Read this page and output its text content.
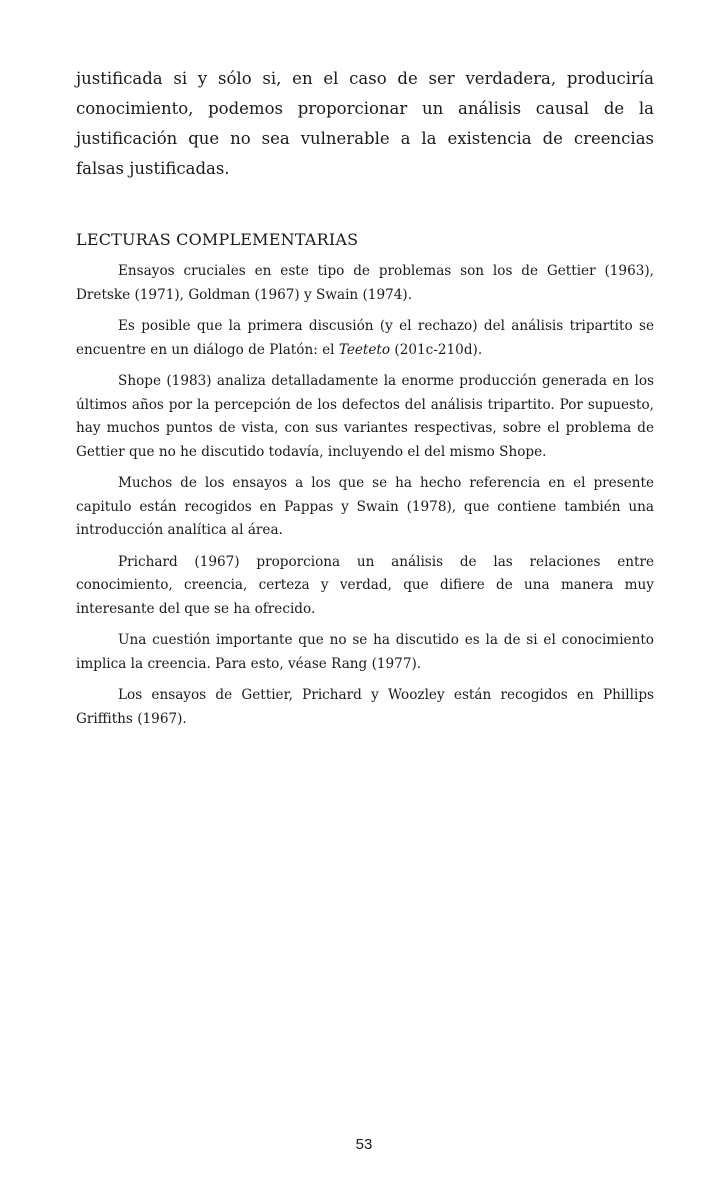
justificada si y sólo si, en el caso de ser verdadera, produciría conocimiento, podemos proporcionar un análisis causal de la justificación que no sea vulnerable a la existencia de creencias falsas justificadas.

LECTURAS COMPLEMENTARIAS

Ensayos cruciales en este tipo de problemas son los de Gettier (1963), Dretske (1971), Goldman (1967) y Swain (1974).

Es posible que la primera discusión (y el rechazo) del análisis tripartito se encuentre en un diálogo de Platón: el Teeteto (201c-210d).

Shope (1983) analiza detalladamente la enorme producción generada en los últimos años por la percepción de los defectos del análisis tripartito. Por supuesto, hay muchos puntos de vista, con sus variantes respectivas, sobre el problema de Gettier que no he discutido todavía, incluyendo el del mismo Shope.

Muchos de los ensayos a los que se ha hecho referencia en el presente capitulo están recogidos en Pappas y Swain (1978), que contiene también una introducción analítica al área.

Prichard (1967) proporciona un análisis de las relaciones entre conocimiento, creencia, certeza y verdad, que difiere de una manera muy interesante del que se ha ofrecido.

Una cuestión importante que no se ha discutido es la de si el conocimiento implica la creencia. Para esto, véase Rang (1977).

Los ensayos de Gettier, Prichard y Woozley están recogidos en Phillips Griffiths (1967).

53
